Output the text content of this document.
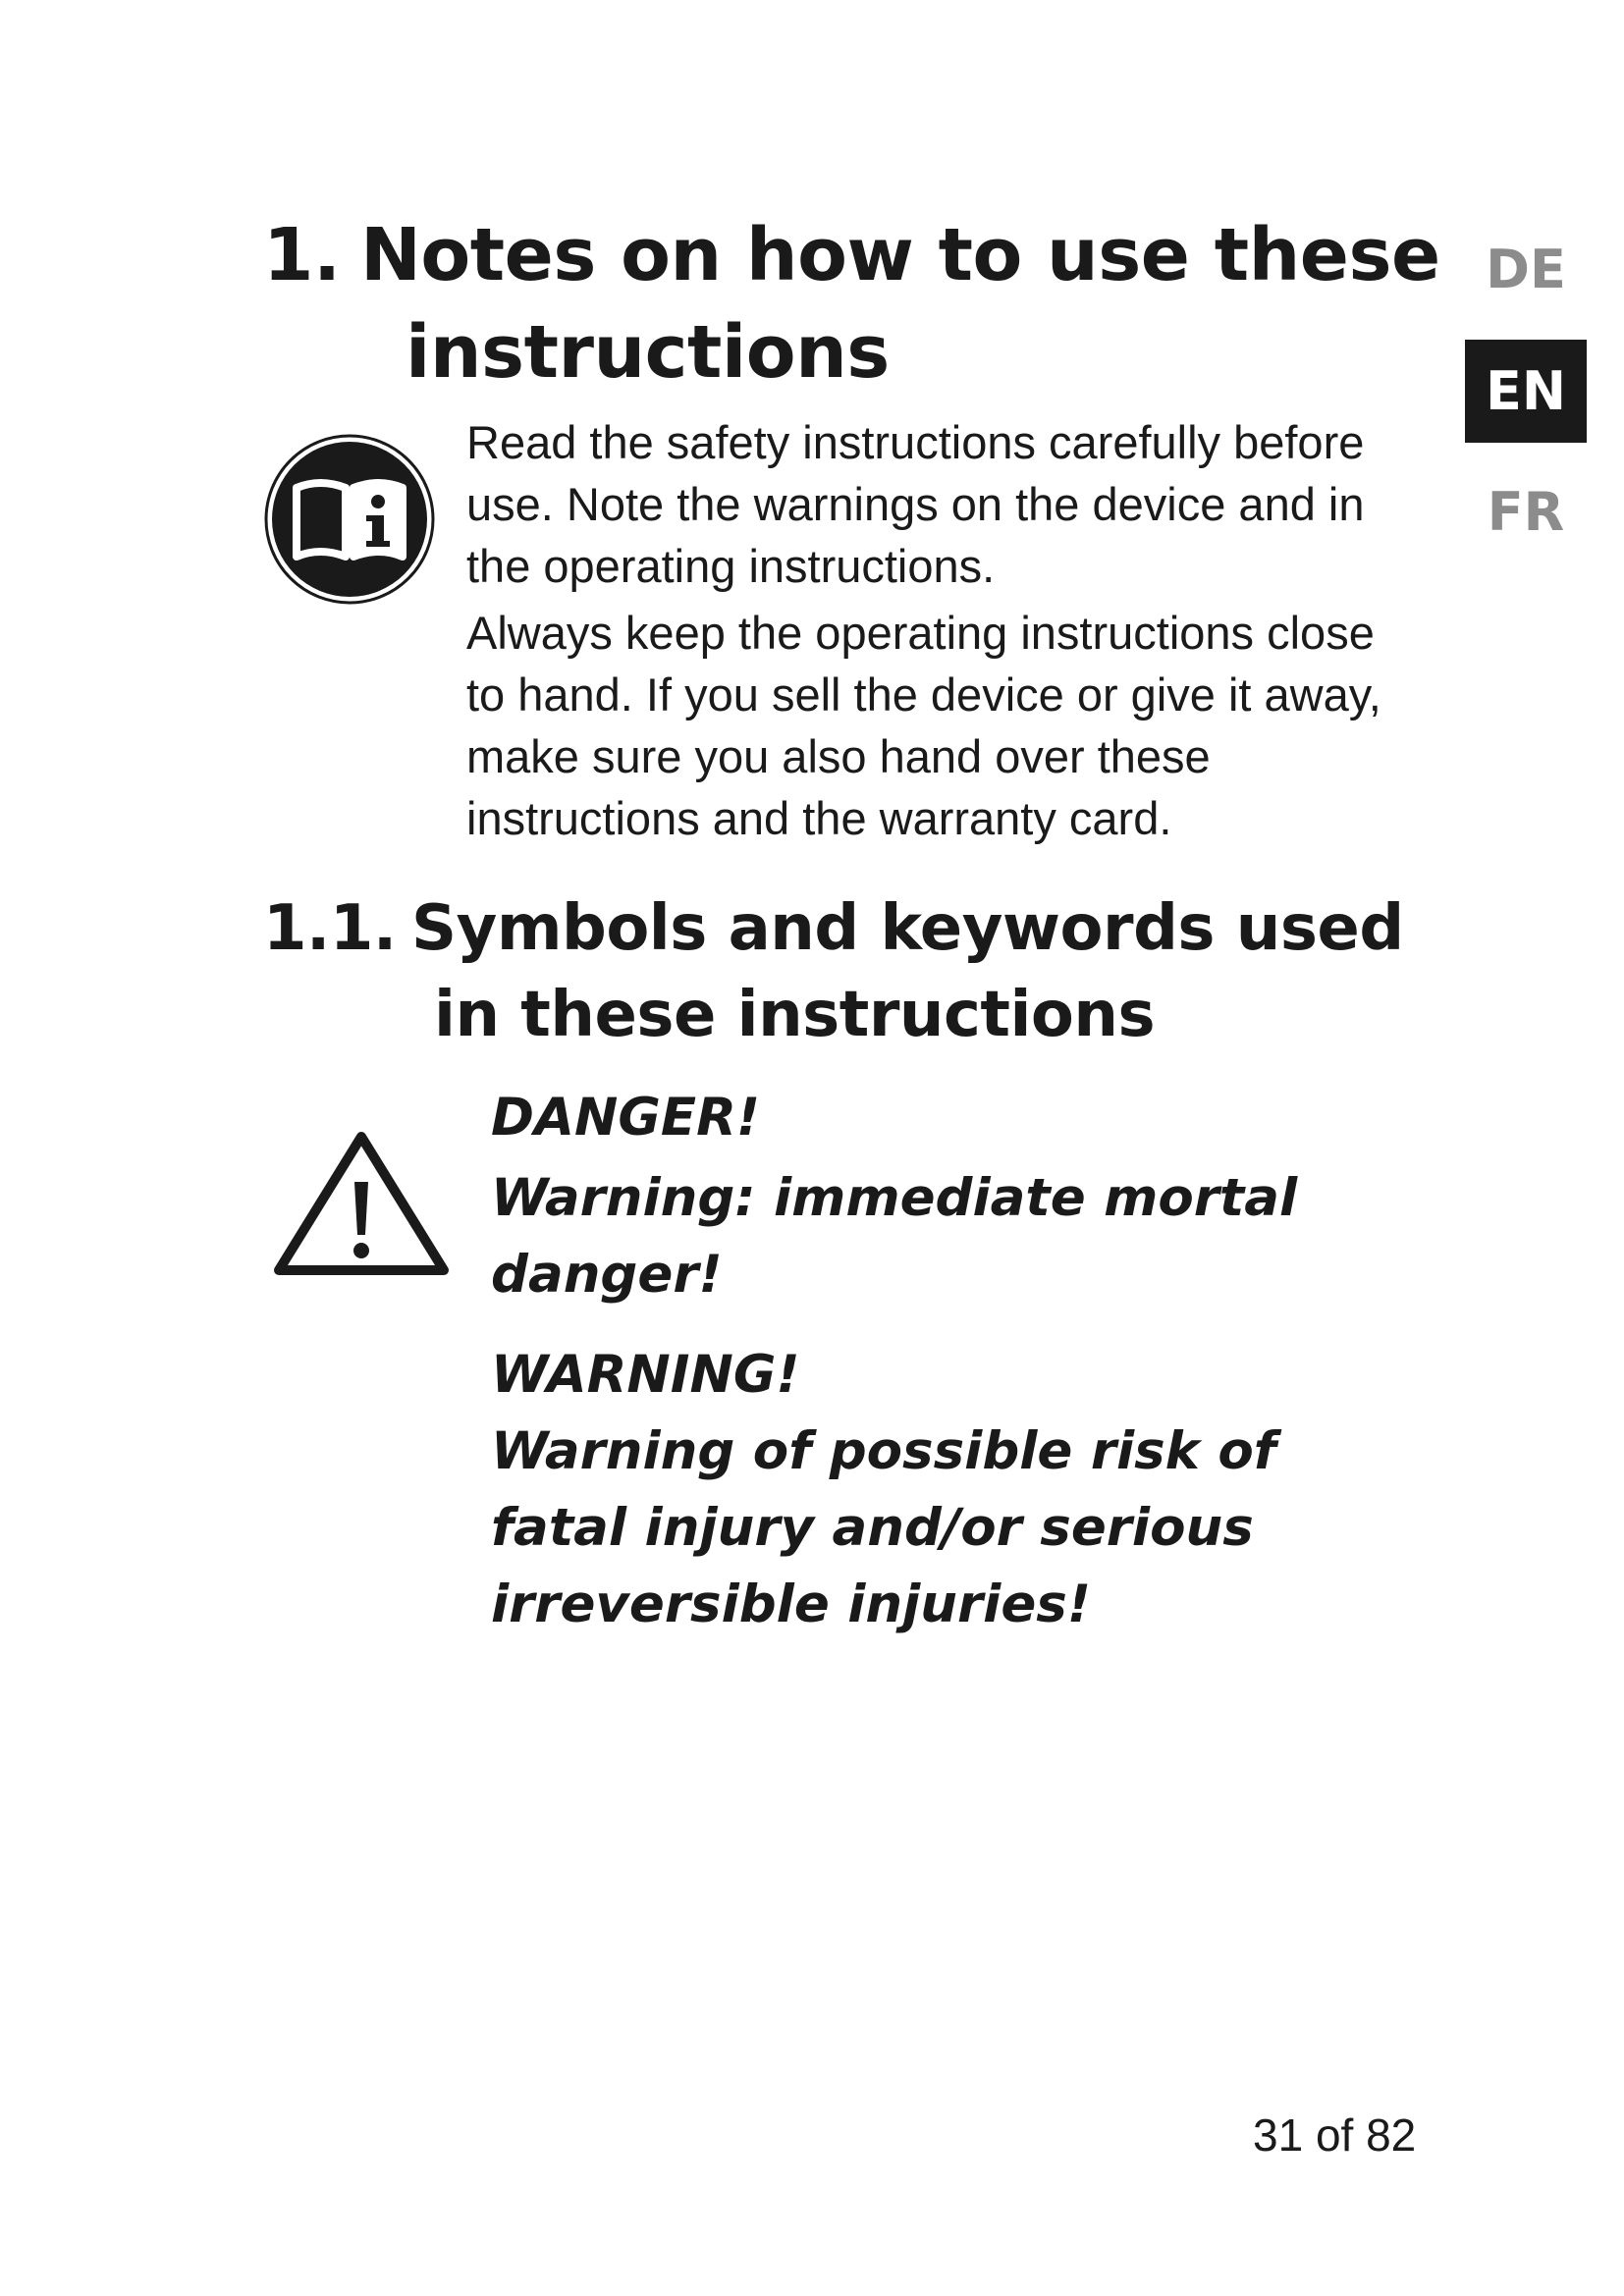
1. Notes on how to use these
instructions

Read the safety instructions carefully before use. Note the warnings on the device and in the operating instructions.

Always keep the operating instructions close to hand. If you sell the device or give it away, make sure you also hand over these instructions and the warranty card.

1.1. Symbols and keywords used
in these instructions

DANGER!

Warning: immediate mortal danger!

WARNING!

Warning of possible risk of fatal injury and/or serious irreversible injuries!

DE
EN
FR
31 of 82
